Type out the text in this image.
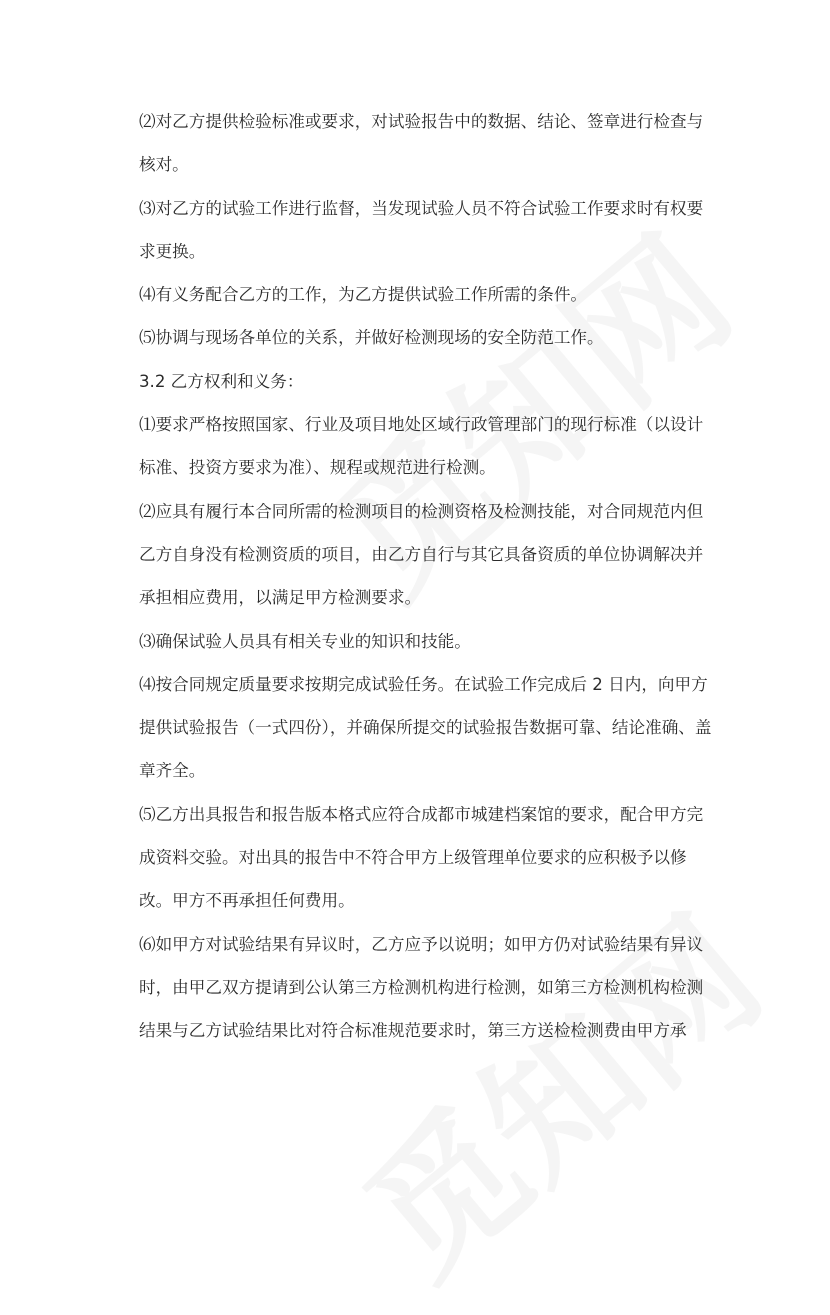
⑵对乙方提供检验标准或要求，对试验报告中的数据、结论、签章进行检查与
核对。
⑶对乙方的试验工作进行监督，当发现试验人员不符合试验工作要求时有权要
求更换。
⑷有义务配合乙方的工作，为乙方提供试验工作所需的条件。
⑸协调与现场各单位的关系，并做好检测现场的安全防范工作。
3.2 乙方权利和义务：
⑴要求严格按照国家、行业及项目地处区域行政管理部门的现行标准（以设计
标准、投资方要求为准）、规程或规范进行检测。
⑵应具有履行本合同所需的检测项目的检测资格及检测技能，对合同规范内但
乙方自身没有检测资质的项目，由乙方自行与其它具备资质的单位协调解决并
承担相应费用，以满足甲方检测要求。
⑶确保试验人员具有相关专业的知识和技能。
⑷按合同规定质量要求按期完成试验任务。在试验工作完成后 2 日内，向甲方
提供试验报告（一式四份），并确保所提交的试验报告数据可靠、结论准确、盖
章齐全。
⑸乙方出具报告和报告版本格式应符合成都市城建档案馆的要求，配合甲方完
成资料交验。对出具的报告中不符合甲方上级管理单位要求的应积极予以修
改。甲方不再承担任何费用。
⑹如甲方对试验结果有异议时，乙方应予以说明；如甲方仍对试验结果有异议
时，由甲乙双方提请到公认第三方检测机构进行检测，如第三方检测机构检测
结果与乙方试验结果比对符合标准规范要求时，第三方送检检测费由甲方承
